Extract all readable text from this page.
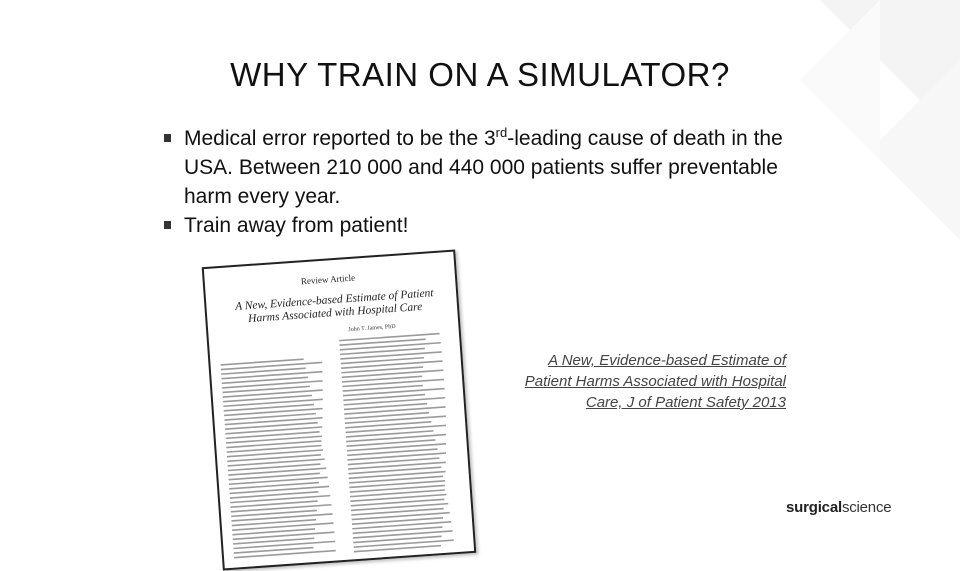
WHY TRAIN ON A SIMULATOR?
Medical error reported to be the 3rd-leading cause of death in the USA. Between 210 000 and 440 000 patients suffer preventable harm every year.
Train away from patient!
Review Article
A New, Evidence-based Estimate of Patient Harms Associated with Hospital Care
John T. James, PhD
A New, Evidence-based Estimate of Patient Harms Associated with Hospital Care, J of Patient Safety 2013
surgicalscience
